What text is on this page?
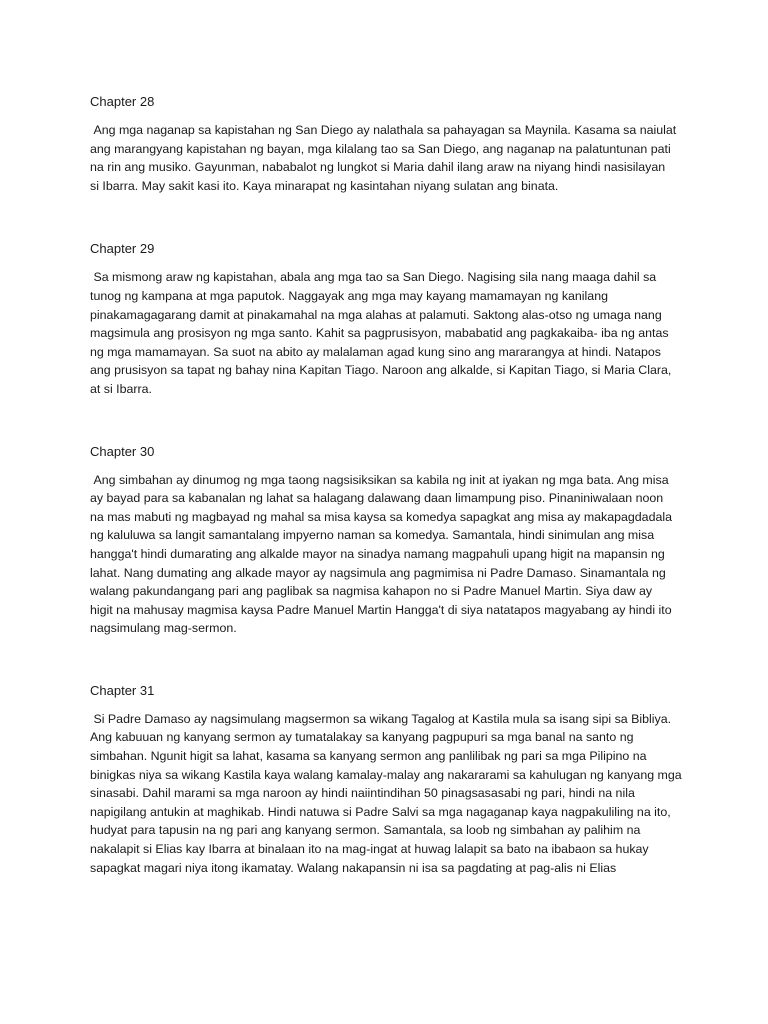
Chapter 28

Ang mga naganap sa kapistahan ng San Diego ay nalathala sa pahayagan sa Maynila. Kasama sa naiulat
ang marangyang kapistahan ng bayan, mga kilalang tao sa San Diego, ang naganap na palatuntunan pati
na rin ang musiko. Gayunman, nababalot ng lungkot si Maria dahil ilang araw na niyang hindi nasisilayan
si Ibarra. May sakit kasi ito. Kaya minarapat ng kasintahan niyang sulatan ang binata.

Chapter 29

Sa mismong araw ng kapistahan, abala ang mga tao sa San Diego. Nagising sila nang maaga dahil sa
tunog ng kampana at mga paputok. Naggayak ang mga may kayang mamamayan ng kanilang
pinakamagagarang damit at pinakamahal na mga alahas at palamuti. Saktong alas-otso ng umaga nang
magsimula ang prosisyon ng mga santo. Kahit sa pagprusisyon, mababatid ang pagkakaiba- iba ng antas
ng mga mamamayan. Sa suot na abito ay malalaman agad kung sino ang mararangya at hindi. Natapos
ang prusisyon sa tapat ng bahay nina Kapitan Tiago. Naroon ang alkalde, si Kapitan Tiago, si Maria Clara,
at si Ibarra.

Chapter 30

Ang simbahan ay dinumog ng mga taong nagsisiksikan sa kabila ng init at iyakan ng mga bata. Ang misa
ay bayad para sa kabanalan ng lahat sa halagang dalawang daan limampung piso. Pinaniniwalaan noon
na mas mabuti ng magbayad ng mahal sa misa kaysa sa komedya sapagkat ang misa ay makapagdadala
ng kaluluwa sa langit samantalang impyerno naman sa komedya. Samantala, hindi sinimulan ang misa
hangga't hindi dumarating ang alkalde mayor na sinadya namang magpahuli upang higit na mapansin ng
lahat. Nang dumating ang alkade mayor ay nagsimula ang pagmimisa ni Padre Damaso. Sinamantala ng
walang pakundangang pari ang paglibak sa nagmisa kahapon no si Padre Manuel Martin. Siya daw ay
higit na mahusay magmisa kaysa Padre Manuel Martin Hangga't di siya natatapos magyabang ay hindi ito
nagsimulang mag-sermon.

Chapter 31

Si Padre Damaso ay nagsimulang magsermon sa wikang Tagalog at Kastila mula sa isang sipi sa Bibliya.
Ang kabuuan ng kanyang sermon ay tumatalakay sa kanyang pagpupuri sa mga banal na santo ng
simbahan. Ngunit higit sa lahat, kasama sa kanyang sermon ang panlilibak ng pari sa mga Pilipino na
binigkas niya sa wikang Kastila kaya walang kamalay-malay ang nakararami sa kahulugan ng kanyang mga
sinasabi. Dahil marami sa mga naroon ay hindi naiintindihan 50 pinagsasasabi ng pari, hindi na nila
napigilang antukin at maghikab. Hindi natuwa si Padre Salvi sa mga nagaganap kaya nagpakuliling na ito,
hudyat para tapusin na ng pari ang kanyang sermon. Samantala, sa loob ng simbahan ay palihim na
nakalapit si Elias kay Ibarra at binalaan ito na mag-ingat at huwag lalapit sa bato na ibabaon sa hukay
sapagkat magari niya itong ikamatay. Walang nakapansin ni isa sa pagdating at pag-alis ni Elias
